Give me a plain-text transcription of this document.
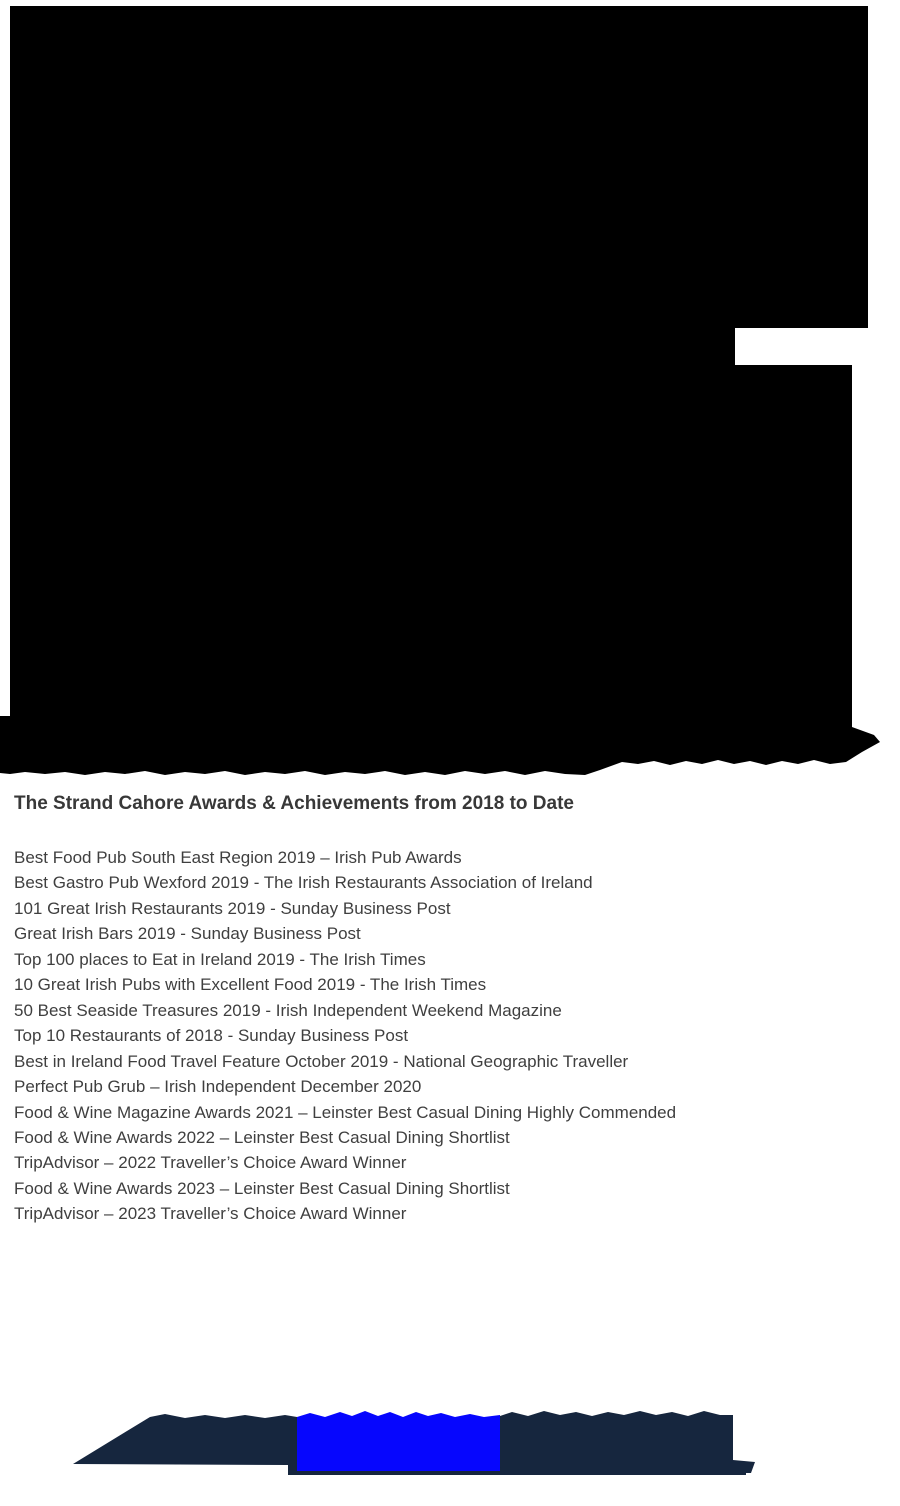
The Strand Cahore Awards & Achievements from 2018 to Date
Best Food Pub South East Region 2019 – Irish Pub Awards
Best Gastro Pub Wexford 2019 - The Irish Restaurants Association of Ireland
101 Great Irish Restaurants 2019 - Sunday Business Post
Great Irish Bars 2019 - Sunday Business Post
Top 100 places to Eat in Ireland 2019 - The Irish Times
10 Great Irish Pubs with Excellent Food 2019 - The Irish Times
50 Best Seaside Treasures 2019 - Irish Independent Weekend Magazine
Top 10 Restaurants of 2018 - Sunday Business Post
Best in Ireland Food Travel Feature October 2019 - National Geographic Traveller
Perfect Pub Grub – Irish Independent December 2020
Food & Wine Magazine Awards 2021 – Leinster Best Casual Dining Highly Commended
Food & Wine Awards 2022 – Leinster Best Casual Dining Shortlist
TripAdvisor – 2022 Traveller’s Choice Award Winner
Food & Wine Awards 2023 – Leinster Best Casual Dining Shortlist
TripAdvisor – 2023 Traveller’s Choice Award Winner
